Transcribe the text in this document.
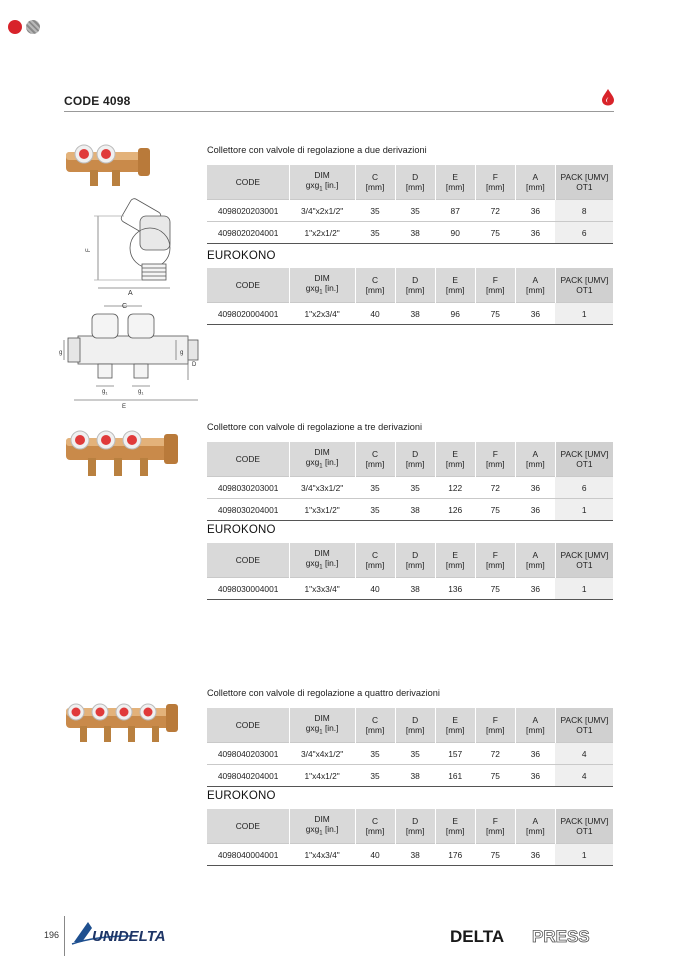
CODE 4098
F
A
C
g	g
D
$g_1$	$g_1$
E
Collettore con valvole di regolazione a due derivazioni
CODE	DIM
gxg$_1$ [in.]	C
[mm]	D
[mm]	E
[mm]	F
[mm]	A
[mm]	PACK [UMV]
OT1
4098020203001	3/4"x2x1/2"	35	35	87	72	36	8
4098020204001	1"x2x1/2"	35	38	90	75	36	6
EUROKONO
CODE	DIM
gxg$_1$ [in.]	C
[mm]	D
[mm]	E
[mm]	F
[mm]	A
[mm]	PACK [UMV]
OT1
4098020004001	1"x2x3/4"	40	38	96	75	36	1
Collettore con valvole di regolazione a tre derivazioni
CODE	DIM
gxg$_1$ [in.]	C
[mm]	D
[mm]	E
[mm]	F
[mm]	A
[mm]	PACK [UMV]
OT1
4098030203001	3/4"x3x1/2"	35	35	122	72	36	6
4098030204001	1"x3x1/2"	35	38	126	75	36	1
EUROKONO
CODE	DIM
gxg$_1$ [in.]	C
[mm]	D
[mm]	E
[mm]	F
[mm]	A
[mm]	PACK [UMV]
OT1
4098030004001	1"x3x3/4"	40	38	136	75	36	1
Collettore con valvole di regolazione a quattro derivazioni
CODE	DIM
gxg$_1$ [in.]	C
[mm]	D
[mm]	E
[mm]	F
[mm]	A
[mm]	PACK [UMV]
OT1
4098040203001	3/4"x4x1/2"	35	35	157	72	36	4
4098040204001	1"x4x1/2"	35	38	161	75	36	4
EUROKONO
CODE	DIM
gxg$_1$ [in.]	C
[mm]	D
[mm]	E
[mm]	F
[mm]	A
[mm]	PACK [UMV]
OT1
4098040004001	1"x4x3/4"	40	38	176	75	36	1
196 UNIDELTA	DELTA PRESS
